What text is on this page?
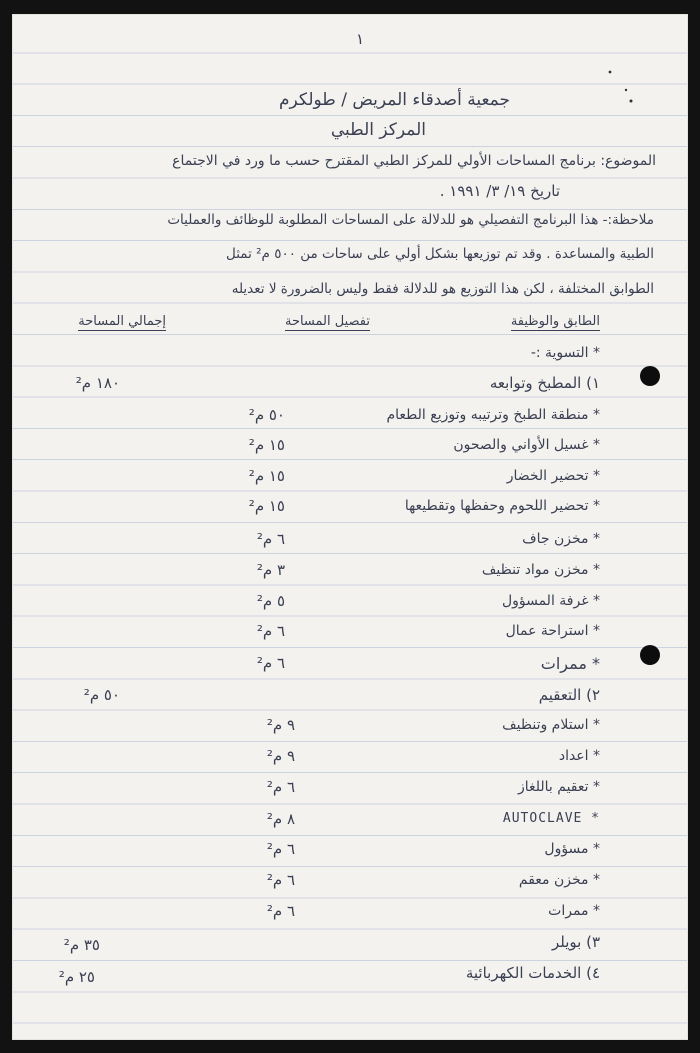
١
جمعية أصدقاء المريض / طولكرم
المركز الطبي
الموضوع: برنامج المساحات الأولي للمركز الطبي المقترح حسب ما ورد في الاجتماع
تاريخ ١٩/ ٣/ ١٩٩١ .
ملاحظة:- هذا البرنامج التفصيلي هو للدلالة على المساحات المطلوبة للوظائف والعمليات
الطبية والمساعدة . وقد تم توزيعها بشكل أولي على ساحات من ٥٠٠ م² تمثل
الطوابق المختلفة ، لكن هذا التوزيع هو للدلالة فقط وليس بالضرورة لا تعديله
الطابق والوظيفة
تفصيل المساحة
إجمالي المساحة
* التسوية :-
١) المطبخ وتوابعه
١٨٠ م²
* منطقة الطبخ وترتيبه وتوزيع الطعام
٥٠ م²
* غسيل الأواني والصحون
١٥ م²
* تحضير الخضار
١٥ م²
* تحضير اللحوم وحفظها وتقطيعها
١٥ م²
* مخزن جاف
٦ م²
* مخزن مواد تنظيف
٣ م²
* غرفة المسؤول
٥ م²
* استراحة عمال
٦ م²
* ممرات
٦ م²
٢) التعقيم
٥٠ م²
* استلام وتنظيف
٩ م²
* اعداد
٩ م²
* تعقيم باللغاز
٦ م²
AUTOCLAVE *
٨ م²
* مسؤول
٦ م²
* مخزن معقم
٦ م²
* ممرات
٦ م²
٣) بويلر
٣٥ م²
٤) الخدمات الكهربائية
٢٥ م²
